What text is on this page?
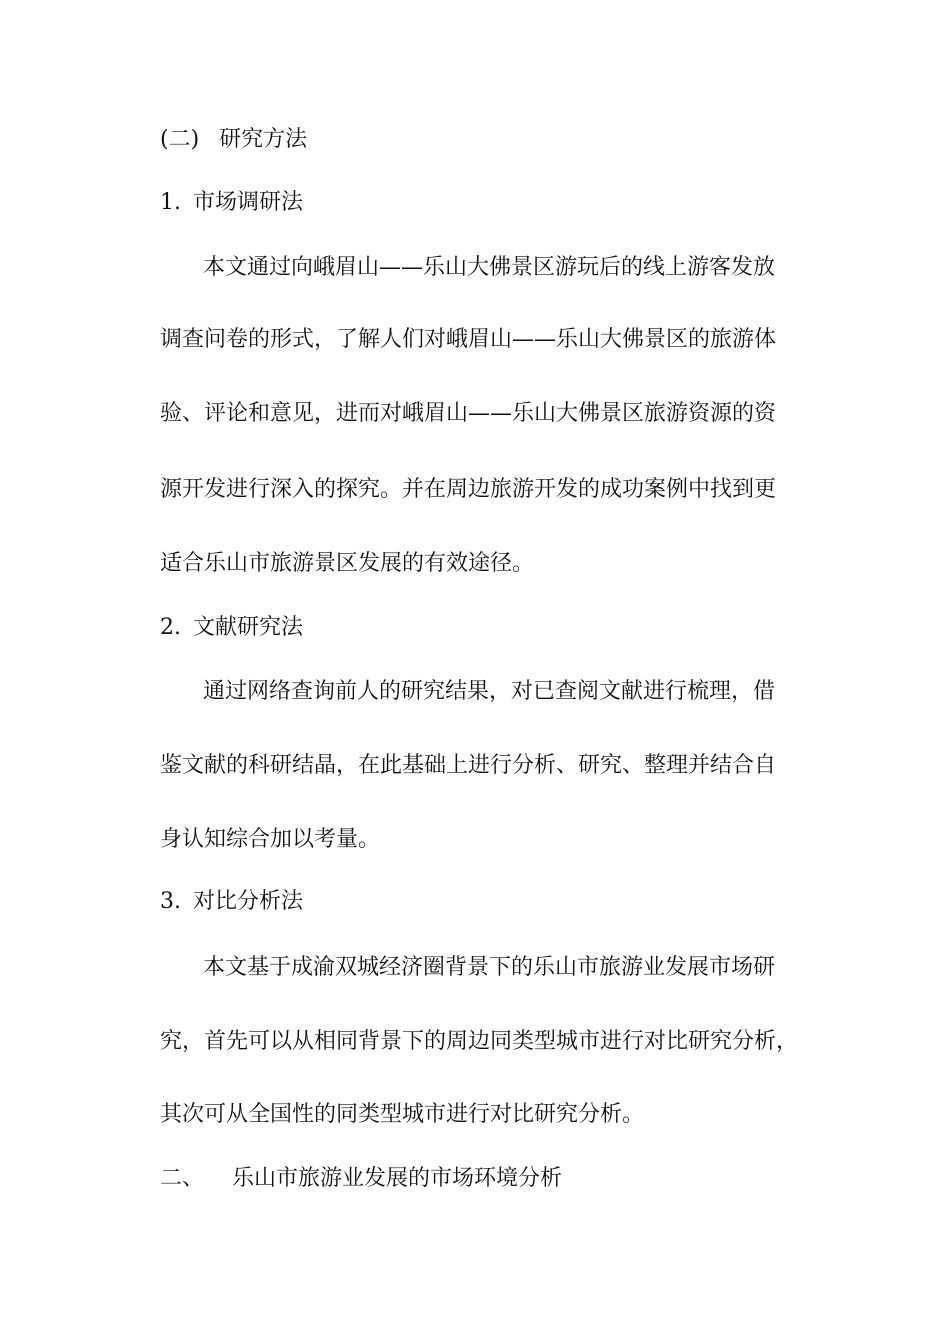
(二) 研究方法
1. 市场调研法
本文通过向峨眉山——乐山大佛景区游玩后的线上游客发放
调查问卷的形式，了解人们对峨眉山——乐山大佛景区的旅游体
验、评论和意见，进而对峨眉山——乐山大佛景区旅游资源的资
源开发进行深入的探究。并在周边旅游开发的成功案例中找到更
适合乐山市旅游景区发展的有效途径。
2. 文献研究法
通过网络查询前人的研究结果，对已查阅文献进行梳理，借
鉴文献的科研结晶，在此基础上进行分析、研究、整理并结合自
身认知综合加以考量。
3. 对比分析法
本文基于成渝双城经济圈背景下的乐山市旅游业发展市场研
究，首先可以从相同背景下的周边同类型城市进行对比研究分析，
其次可从全国性的同类型城市进行对比研究分析。
二、 乐山市旅游业发展的市场环境分析
